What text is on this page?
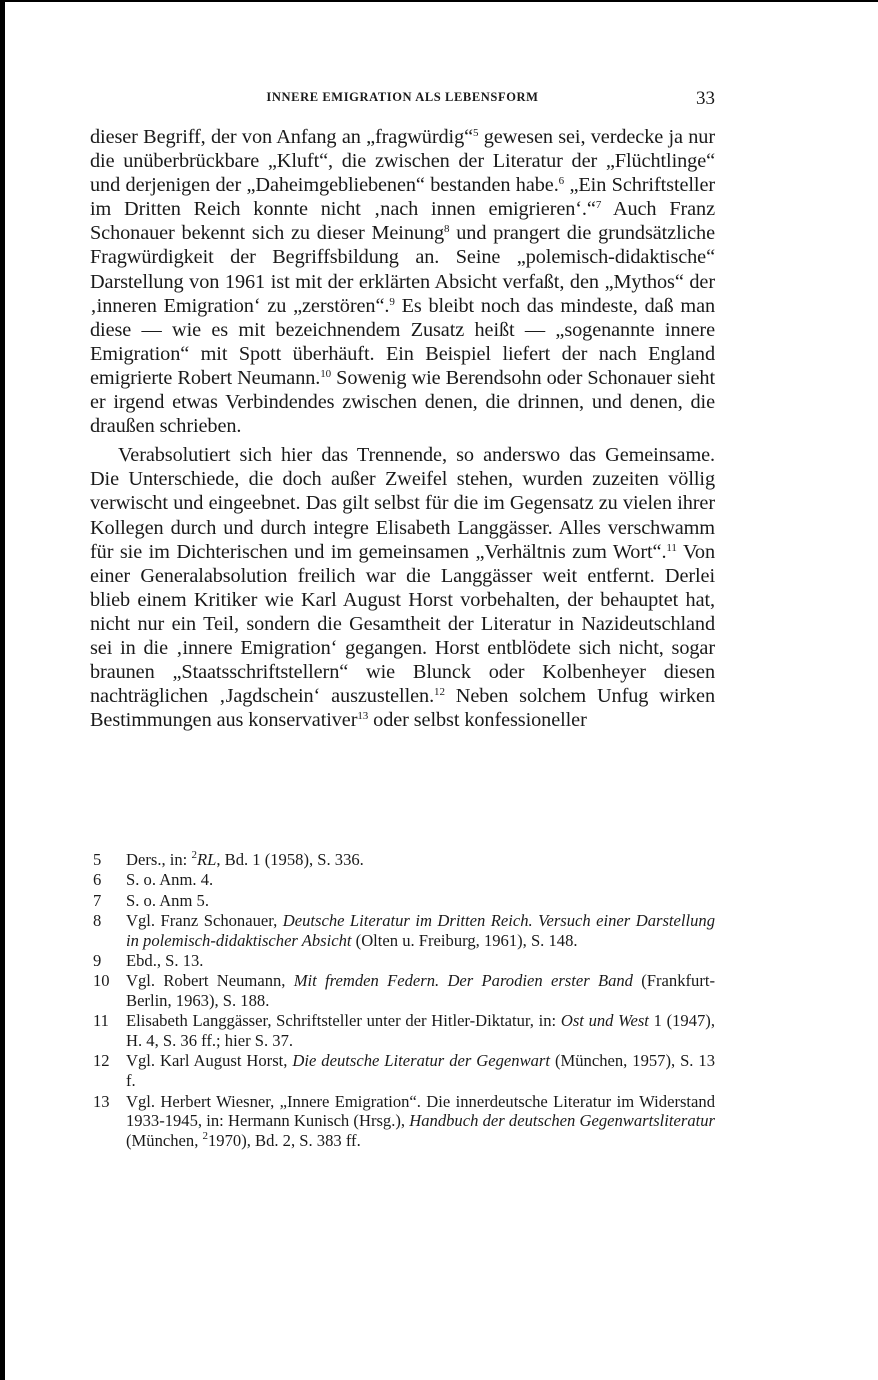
INNERE EMIGRATION ALS LEBENSFORM	33

dieser Begriff, der von Anfang an „fragwürdig“$^5$ gewesen sei, verdecke ja nur die unüberbrückbare „Kluft“, die zwischen der Literatur der „Flüchtlinge“ und derjenigen der „Daheimgebliebenen“ bestanden habe.$^6$ „Ein Schriftsteller im Dritten Reich konnte nicht ‚nach innen emigrieren‘.“$^7$ Auch Franz Schonauer bekennt sich zu dieser Meinung$^8$ und prangert die grundsätzliche Fragwürdigkeit der Begriffsbildung an. Seine „polemisch-didaktische“ Darstellung von 1961 ist mit der erklärten Absicht verfaßt, den „Mythos“ der ‚inneren Emigration‘ zu „zerstören“.$^9$ Es bleibt noch das mindeste, daß man diese — wie es mit bezeichnendem Zusatz heißt — „sogenannte innere Emigration“ mit Spott überhäuft. Ein Beispiel liefert der nach England emigrierte Robert Neumann.$^{10}$ Sowenig wie Berendsohn oder Schonauer sieht er irgend etwas Verbindendes zwischen denen, die drinnen, und denen, die draußen schrieben.

Verabsolutiert sich hier das Trennende, so anderswo das Gemeinsame. Die Unterschiede, die doch außer Zweifel stehen, wurden zuzeiten völlig verwischt und eingeebnet. Das gilt selbst für die im Gegensatz zu vielen ihrer Kollegen durch und durch integre Elisabeth Langgässer. Alles verschwamm für sie im Dichterischen und im gemeinsamen „Verhältnis zum Wort“.$^{11}$ Von einer Generalabsolution freilich war die Langgässer weit entfernt. Derlei blieb einem Kritiker wie Karl August Horst vorbehalten, der behauptet hat, nicht nur ein Teil, sondern die Gesamtheit der Literatur in Nazideutschland sei in die ‚innere Emigration‘ gegangen. Horst entblödete sich nicht, sogar braunen „Staatsschriftstellern“ wie Blunck oder Kolbenheyer diesen nachträglichen ‚Jagdschein‘ auszustellen.$^{12}$ Neben solchem Unfug wirken Bestimmungen aus konservativer$^{13}$ oder selbst konfessioneller

5	Ders., in: $^2$RL, Bd. 1 (1958), S. 336.
6	S. o. Anm. 4.
7	S. o. Anm 5.
8	Vgl. Franz Schonauer, Deutsche Literatur im Dritten Reich. Versuch einer Darstellung in polemisch-didaktischer Absicht (Olten u. Freiburg, 1961), S. 148.
9	Ebd., S. 13.
10 Vgl. Robert Neumann, Mit fremden Federn. Der Parodien erster Band (Frankfurt-Berlin, 1963), S. 188.
11	Elisabeth Langgässer, Schriftsteller unter der Hitler-Diktatur, in: Ost und West 1 (1947), H. 4, S. 36 ff.; hier S. 37.
12 Vgl. Karl August Horst, Die deutsche Literatur der Gegenwart (München, 1957), S. 13 f.
13 Vgl. Herbert Wiesner, „Innere Emigration“. Die innerdeutsche Literatur im Widerstand 1933-1945, in: Hermann Kunisch (Hrsg.), Handbuch der deutschen Gegenwartsliteratur (München, $^2$1970), Bd. 2, S. 383 ff.
